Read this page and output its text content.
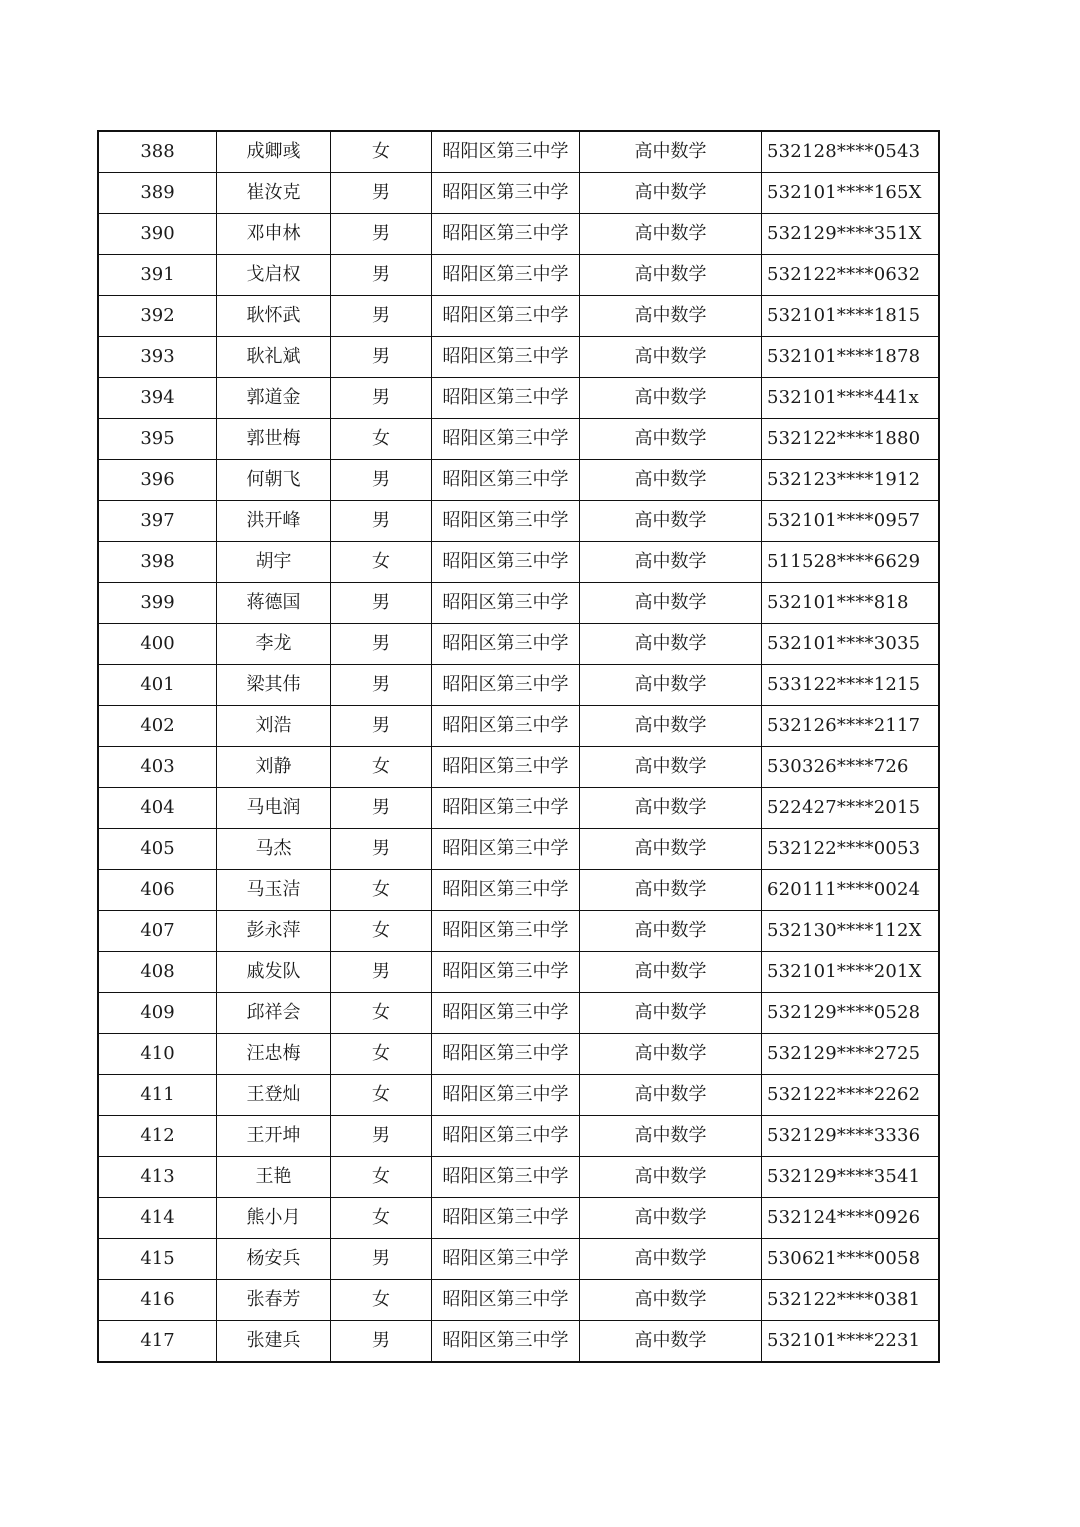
388	成卿彧	女	昭阳区第三中学	高中数学	532128****0543
389	崔汝克	男	昭阳区第三中学	高中数学	532101****165X
390	邓申林	男	昭阳区第三中学	高中数学	532129****351X
391	戈启权	男	昭阳区第三中学	高中数学	532122****0632
392	耿怀武	男	昭阳区第三中学	高中数学	532101****1815
393	耿礼斌	男	昭阳区第三中学	高中数学	532101****1878
394	郭道金	男	昭阳区第三中学	高中数学	532101****441x
395	郭世梅	女	昭阳区第三中学	高中数学	532122****1880
396	何朝飞	男	昭阳区第三中学	高中数学	532123****1912
397	洪开峰	男	昭阳区第三中学	高中数学	532101****0957
398	胡宇	女	昭阳区第三中学	高中数学	511528****6629
399	蒋德国	男	昭阳区第三中学	高中数学	532101****818
400	李龙	男	昭阳区第三中学	高中数学	532101****3035
401	梁其伟	男	昭阳区第三中学	高中数学	533122****1215
402	刘浩	男	昭阳区第三中学	高中数学	532126****2117
403	刘静	女	昭阳区第三中学	高中数学	530326****726
404	马电润	男	昭阳区第三中学	高中数学	522427****2015
405	马杰	男	昭阳区第三中学	高中数学	532122****0053
406	马玉洁	女	昭阳区第三中学	高中数学	620111****0024
407	彭永萍	女	昭阳区第三中学	高中数学	532130****112X
408	戚发队	男	昭阳区第三中学	高中数学	532101****201X
409	邱祥会	女	昭阳区第三中学	高中数学	532129****0528
410	汪忠梅	女	昭阳区第三中学	高中数学	532129****2725
411	王登灿	女	昭阳区第三中学	高中数学	532122****2262
412	王开坤	男	昭阳区第三中学	高中数学	532129****3336
413	王艳	女	昭阳区第三中学	高中数学	532129****3541
414	熊小月	女	昭阳区第三中学	高中数学	532124****0926
415	杨安兵	男	昭阳区第三中学	高中数学	530621****0058
416	张春芳	女	昭阳区第三中学	高中数学	532122****0381
417	张建兵	男	昭阳区第三中学	高中数学	532101****2231
